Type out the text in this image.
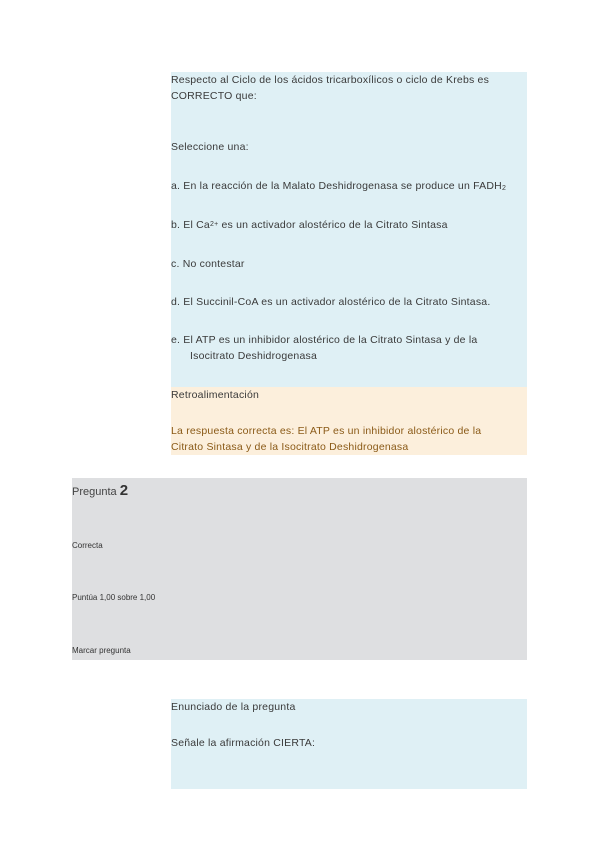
Respecto al Ciclo de los ácidos tricarboxílicos o ciclo de Krebs es
CORRECTO que:
Seleccione una:
a. En la reacción de la Malato Deshidrogenasa se produce un $FADH_2$
b. El $Ca^{2+}$ es un activador alostérico de la Citrato Sintasa
c. No contestar
d. El Succinil-CoA es un activador alostérico de la Citrato Sintasa.
e. El ATP es un inhibidor alostérico de la Citrato Sintasa y de la
Isocitrato Deshidrogenasa
Retroalimentación
La respuesta correcta es: El ATP es un inhibidor alostérico de la
Citrato Sintasa y de la Isocitrato Deshidrogenasa
Pregunta 2
Correcta
Puntúa 1,00 sobre 1,00
Marcar pregunta
Enunciado de la pregunta
Señale la afirmación CIERTA:
